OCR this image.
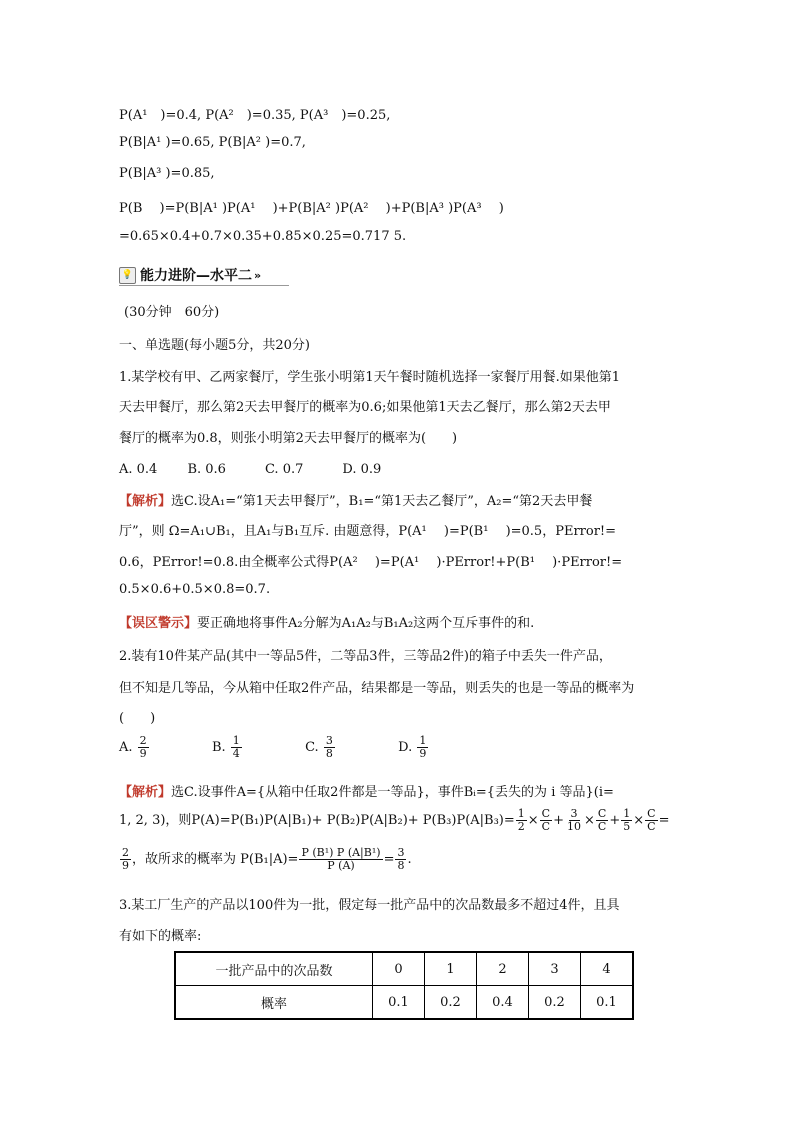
P(A¹　)=0.4, P(A²　)=0.35, P(A³　)=0.25,
P(B|A¹ )=0.65, P(B|A² )=0.7,
P(B|A³ )=0.85,
P(B　 )=P(B|A¹ )P(A¹　 )+P(B|A² )P(A²　 )+P(B|A³ )P(A³　 )
=0.65×0.4+0.7×0.35+0.85×0.25=0.717 5.
💡 能力进阶—水平二 »
(30分钟　60分)
一、单选题(每小题5分，共20分)
1.某学校有甲、乙两家餐厅，学生张小明第1天午餐时随机选择一家餐厅用餐.如果他第1
天去甲餐厅，那么第2天去甲餐厅的概率为0.6;如果他第1天去乙餐厅，那么第2天去甲
餐厅的概率为0.8，则张小明第2天去甲餐厅的概率为(　　)
A. 0.4　　 B. 0.6　　　C. 0.7　　　D. 0.9
【解析】选C.设A₁=“第1天去甲餐厅”，B₁=“第1天去乙餐厅”，A₂=“第2天去甲餐
厅”，则 Ω=A₁∪B₁，且A₁与B₁互斥. 由题意得，P(A¹　 )=P(B¹　 )=0.5，PError!=
0.6，PError!=0.8.由全概率公式得P(A²　 )=P(A¹　 )·PError!+P(B¹　 )·PError!=
0.5×0.6+0.5×0.8=0.7.
【误区警示】要正确地将事件A₂分解为A₁A₂与B₁A₂这两个互斥事件的和.
2.装有10件某产品(其中一等品5件，二等品3件，三等品2件)的箱子中丢失一件产品，
但不知是几等品，今从箱中任取2件产品，结果都是一等品，则丢失的也是一等品的概率为
(　　)
A. $\frac{2}{9}$	B. $\frac{1}{4}$	C. $\frac{3}{8}$	D. $\frac{1}{9}$
【解析】选C.设事件A={从箱中任取2件都是一等品}，事件Bᵢ={丢失的为 i 等品}(i=
1, 2, 3)，则$P(A)=P(B_1)P(A|B_1)+ P(B_2)P(A|B_2)+ P(B_3)P(A|B_3)= \frac{1}{2} \times \frac{C}{C} + \frac{3}{10} \times \frac{C}{C} + \frac{1}{5} \times \frac{C}{C}$ =
$\frac{2}{9}$ ，故所求的概率为 $P(B_1|A)= \frac{\text{P (B¹) P (A|B¹)}}{P (A)} = \frac{3}{8}$ .
3.某工厂生产的产品以100件为一批，假定每一批产品中的次品数最多不超过4件，且具
有如下的概率:
一批产品中的次品数	0	1	2	3	4
概率	0.1	0.2	0.4	0.2	0.1
